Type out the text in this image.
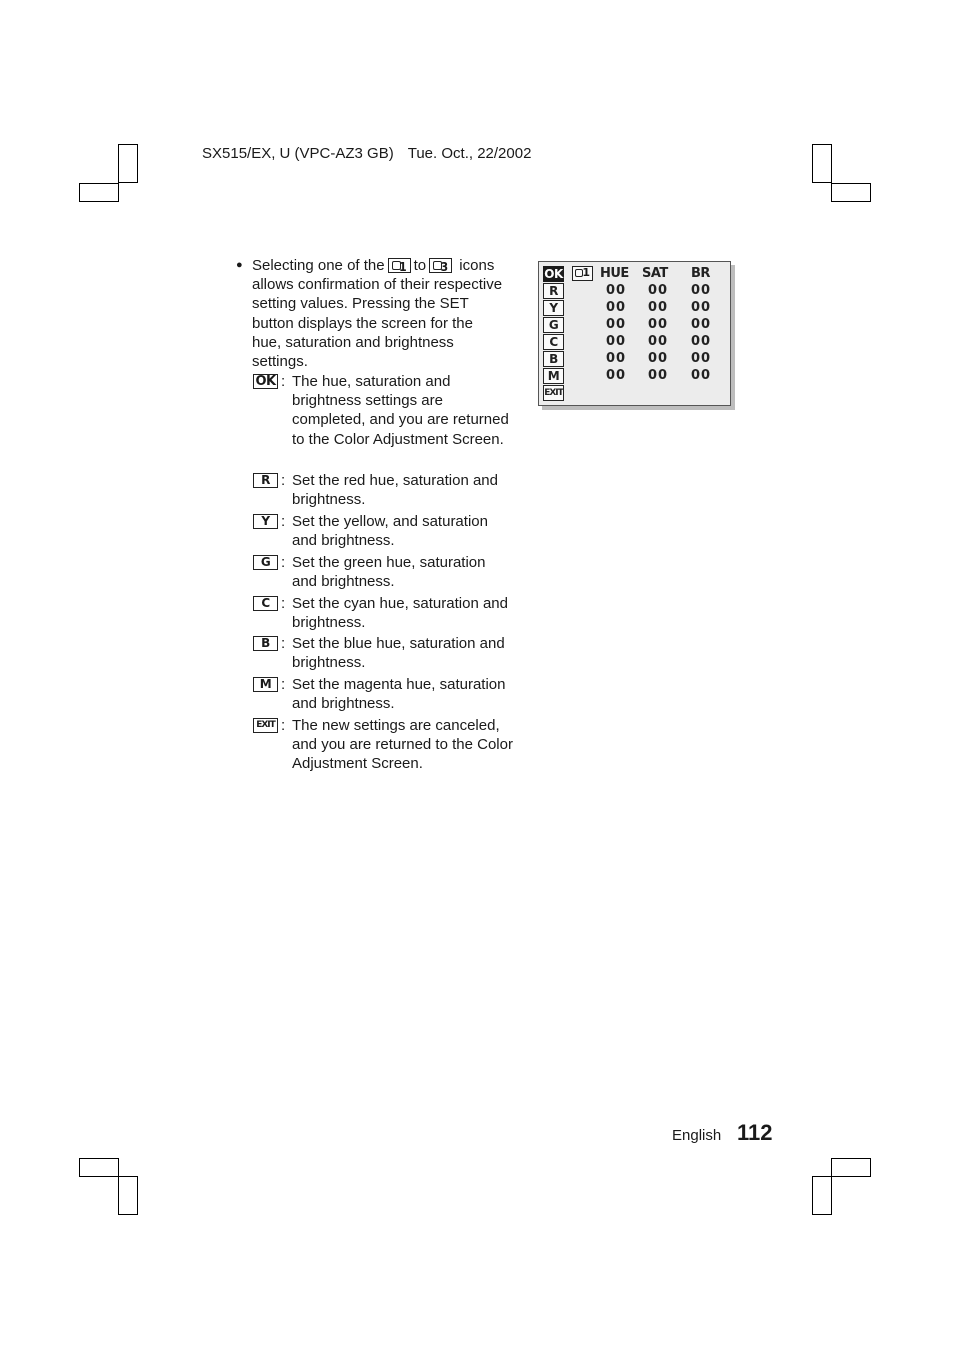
SX515/EX, U (VPC-AZ3 GB) Tue. Oct., 22/2002
● Selecting one of the 1 to 3 icons allows confirmation of their respective setting values. Pressing the SET button displays the screen for the hue, saturation and brightness settings.
OK : The hue, saturation and brightness settings are completed, and you are returned to the Color Adjustment Screen.
R : Set the red hue, saturation and brightness.
Y : Set the yellow, and saturation and brightness.
G : Set the green hue, saturation and brightness.
C : Set the cyan hue, saturation and brightness.
B : Set the blue hue, saturation and brightness.
M : Set the magenta hue, saturation and brightness.
EXIT : The new settings are canceled, and you are returned to the Color Adjustment Screen.
OK
R
Y
G
C
B
M
EXIT
1 HUE SAT BR
00 00 00
00 00 00
00 00 00
00 00 00
00 00 00
00 00 00
English 112
